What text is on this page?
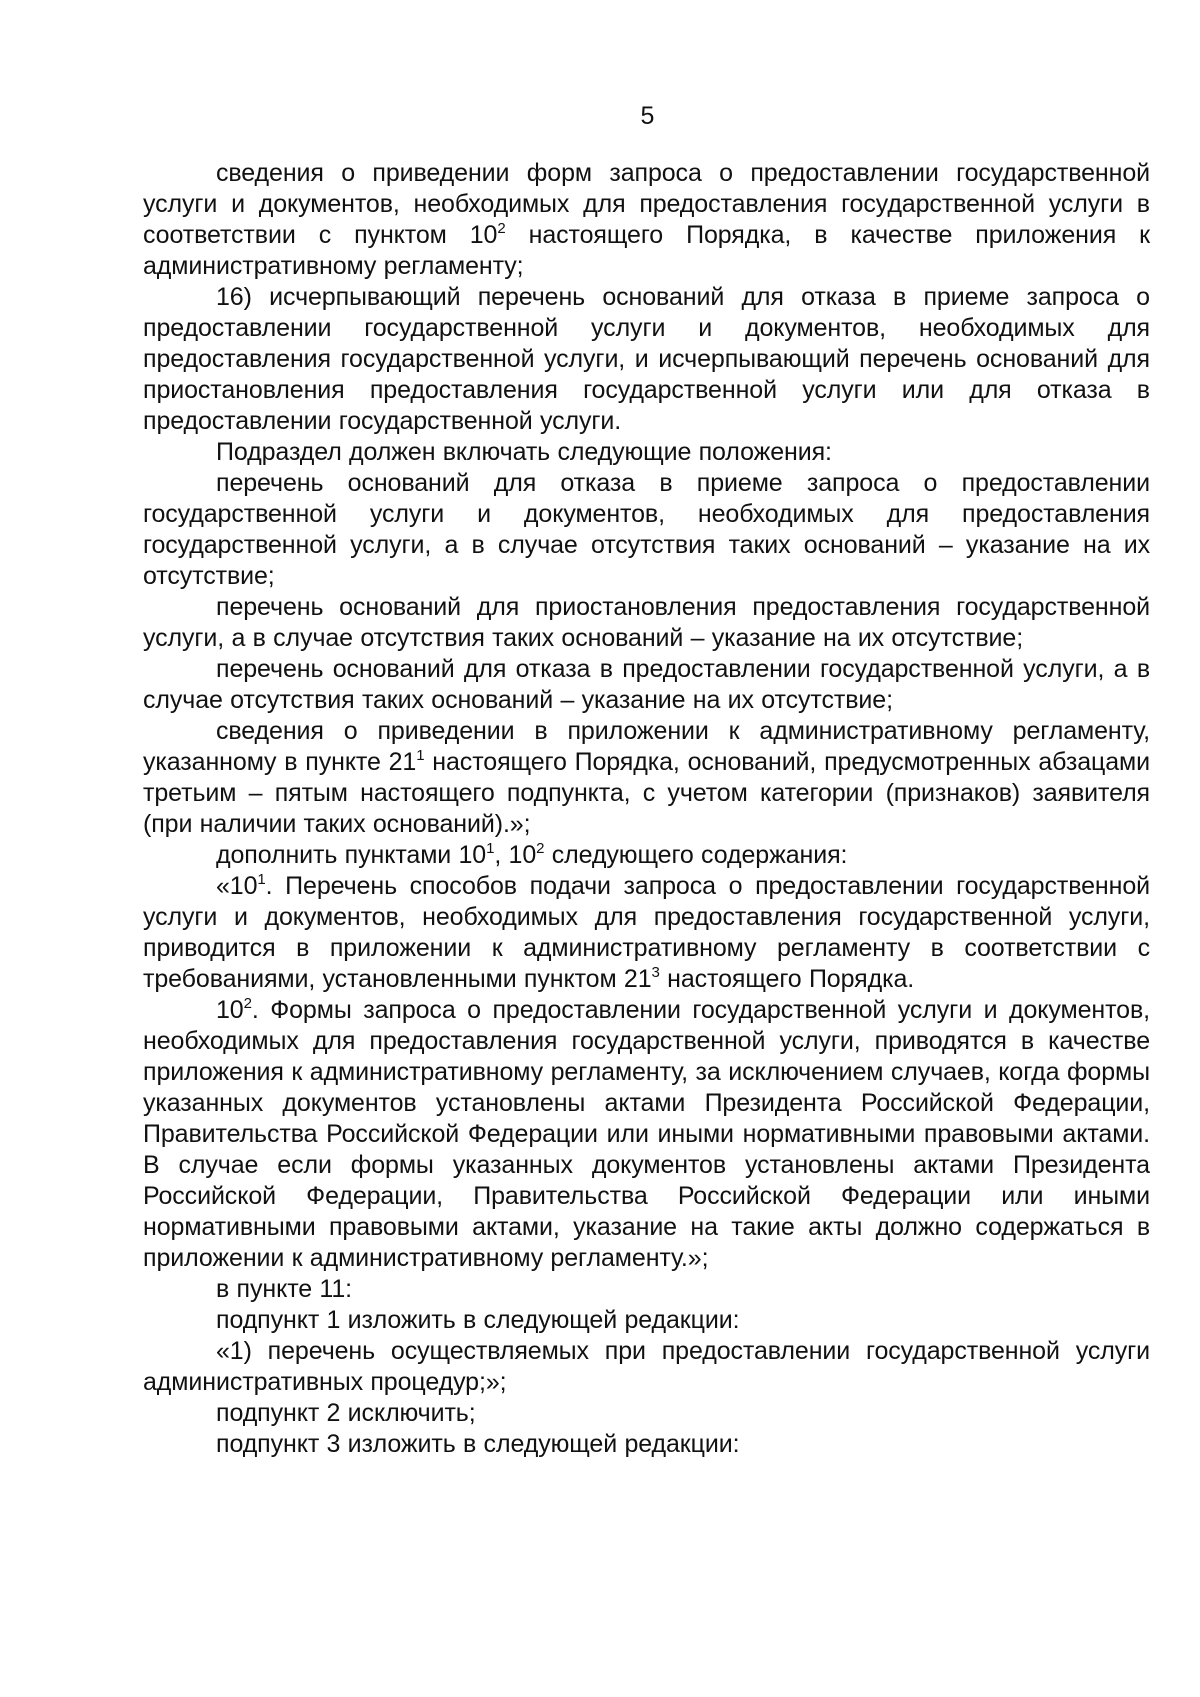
5

сведения о приведении форм запроса о предоставлении государственной услуги и документов, необходимых для предоставления государственной услуги в соответствии с пунктом $10^2$ настоящего Порядка, в качестве приложения к административному регламенту;

16) исчерпывающий перечень оснований для отказа в приеме запроса о предоставлении государственной услуги и документов, необходимых для предоставления государственной услуги, и исчерпывающий перечень оснований для приостановления предоставления государственной услуги или для отказа в предоставлении государственной услуги.

Подраздел должен включать следующие положения:

перечень оснований для отказа в приеме запроса о предоставлении государственной услуги и документов, необходимых для предоставления государственной услуги, а в случае отсутствия таких оснований – указание на их отсутствие;

перечень оснований для приостановления предоставления государственной услуги, а в случае отсутствия таких оснований – указание на их отсутствие;

перечень оснований для отказа в предоставлении государственной услуги, а в случае отсутствия таких оснований – указание на их отсутствие;

сведения о приведении в приложении к административному регламенту, указанному в пункте $21^1$ настоящего Порядка, оснований, предусмотренных абзацами третьим – пятым настоящего подпункта, с учетом категории (признаков) заявителя (при наличии таких оснований).»;

дополнить пунктами $10^1$, $10^2$ следующего содержания:

«$10^1$. Перечень способов подачи запроса о предоставлении государственной услуги и документов, необходимых для предоставления государственной услуги, приводится в приложении к административному регламенту в соответствии с требованиями, установленными пунктом $21^3$ настоящего Порядка.

$10^2$. Формы запроса о предоставлении государственной услуги и документов, необходимых для предоставления государственной услуги, приводятся в качестве приложения к административному регламенту, за исключением случаев, когда формы указанных документов установлены актами Президента Российской Федерации, Правительства Российской Федерации или иными нормативными правовыми актами. В случае если формы указанных документов установлены актами Президента Российской Федерации, Правительства Российской Федерации или иными нормативными правовыми актами, указание на такие акты должно содержаться в приложении к административному регламенту.»;

в пункте 11:

подпункт 1 изложить в следующей редакции:

«1) перечень осуществляемых при предоставлении государственной услуги административных процедур;»;

подпункт 2 исключить;

подпункт 3 изложить в следующей редакции:
